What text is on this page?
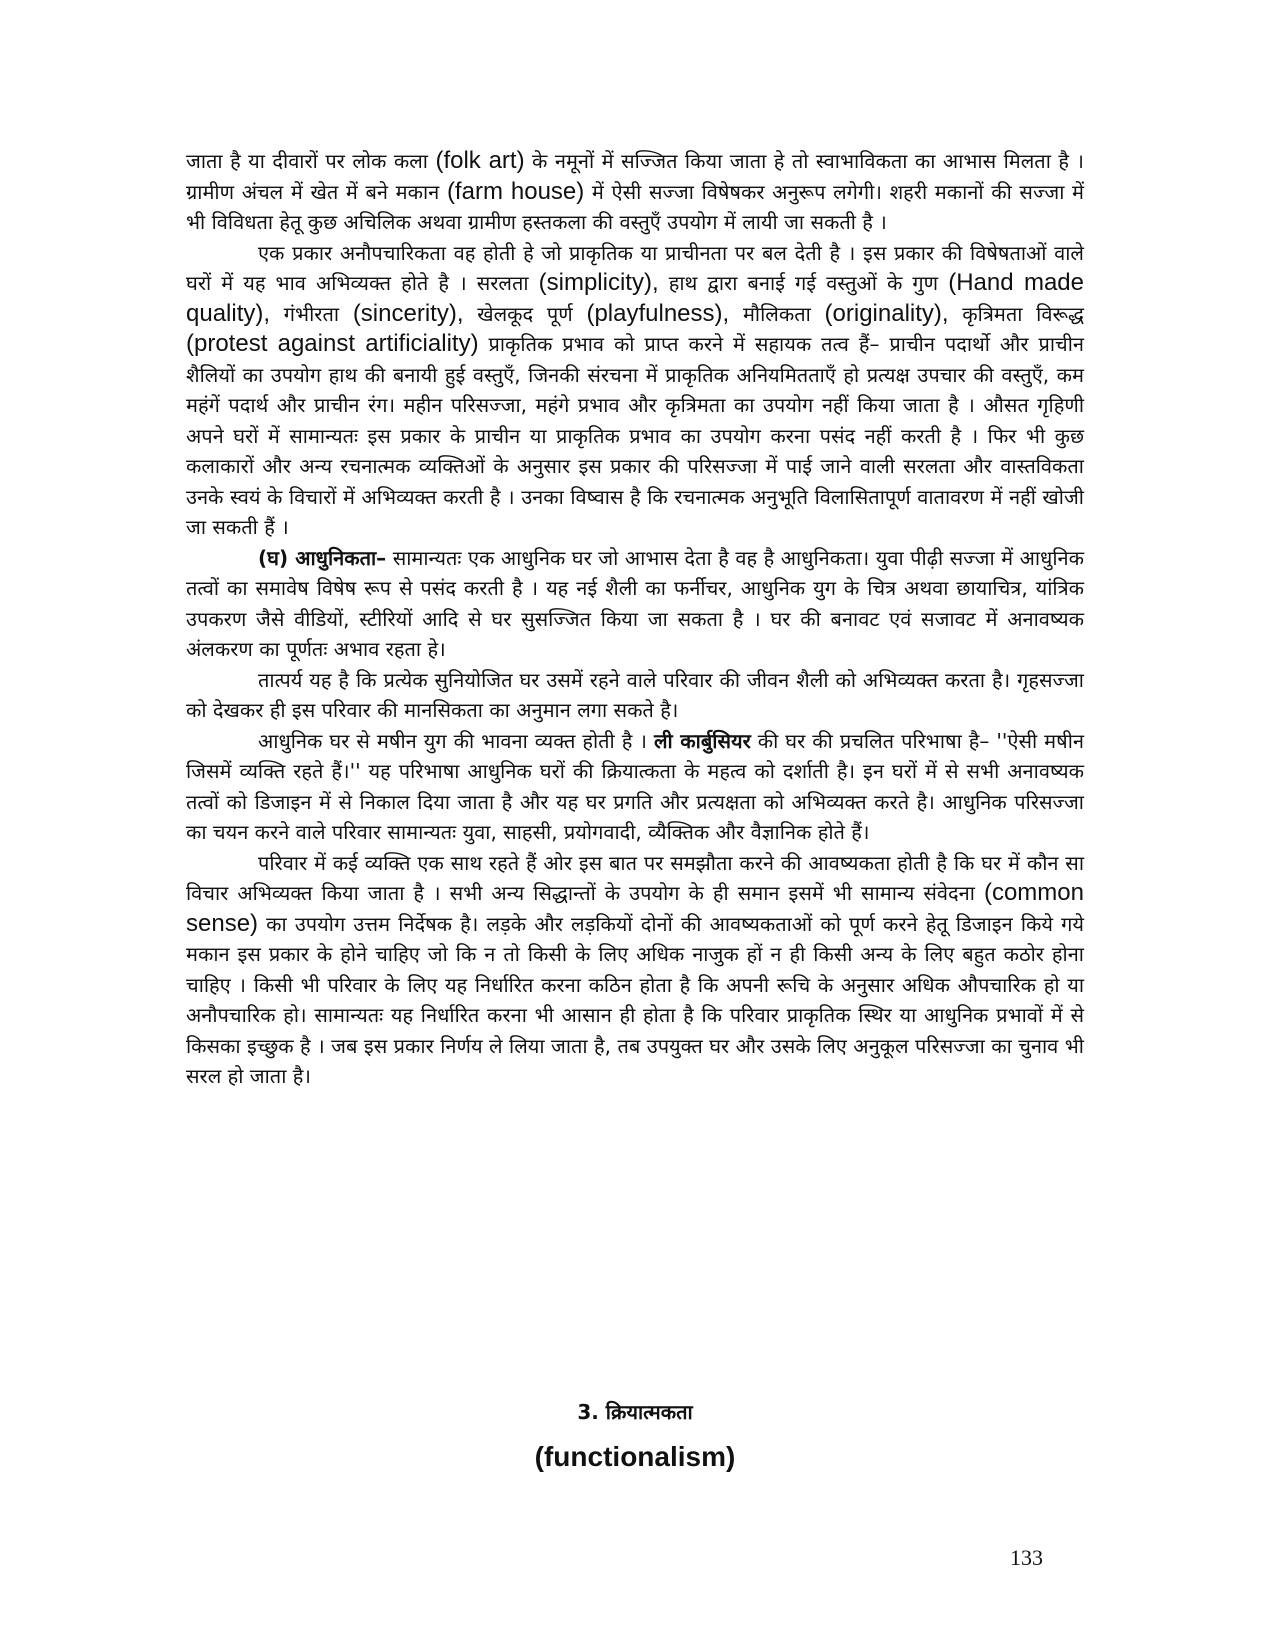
जाता है या दीवारों पर लोक कला (folk art) के नमूनों में सज्जित किया जाता हे तो स्वाभाविकता का आभास मिलता है । ग्रामीण अंचल में खेत में बने मकान (farm house) में ऐसी सज्जा विषेषकर अनुरूप लगेगी। शहरी मकानों की सज्जा में भी विविधता हेतू कुछ अचिलिक अथवा ग्रामीण हस्तकला की वस्तुएँ उपयोग में लायी जा सकती है ।

एक प्रकार अनौपचारिकता वह होती हे जो प्राकृतिक या प्राचीनता पर बल देती है । इस प्रकार की विषेषताओं वाले घरों में यह भाव अभिव्यक्त होते है । सरलता (simplicity), हाथ द्वारा बनाई गई वस्तुओं के गुण (Hand made quality), गंभीरता (sincerity), खेलकूद पूर्ण (playfulness), मौलिकता (originality), कृत्रिमता विरूद्ध (protest against artificiality) प्राकृतिक प्रभाव को प्राप्त करने में सहायक तत्व हैं– प्राचीन पदार्थो और प्राचीन शैलियों का उपयोग हाथ की बनायी हुई वस्तुएँ, जिनकी संरचना में प्राकृतिक अनियमितताएँ हो प्रत्यक्ष उपचार की वस्तुएँ, कम महंगें पदार्थ और प्राचीन रंग। महीन परिसज्जा, महंगे प्रभाव और कृत्रिमता का उपयोग नहीं किया जाता है । औसत गृहिणी अपने घरों में सामान्यतः इस प्रकार के प्राचीन या प्राकृतिक प्रभाव का उपयोग करना पसंद नहीं करती है । फिर भी कुछ कलाकारों और अन्य रचनात्मक व्यक्तिओं के अनुसार इस प्रकार की परिसज्जा में पाई जाने वाली सरलता और वास्तविकता उनके स्वयं के विचारों में अभिव्यक्त करती है । उनका विष्वास है कि रचनात्मक अनुभूति विलासितापूर्ण वातावरण में नहीं खोजी जा सकती हैं ।

(घ) आधुनिकता– सामान्यतः एक आधुनिक घर जो आभास देता है वह है आधुनिकता। युवा पीढ़ी सज्जा में आधुनिक तत्वों का समावेष विषेष रूप से पसंद करती है । यह नई शैली का फर्नीचर, आधुनिक युग के चित्र अथवा छायाचित्र, यांत्रिक उपकरण जैसे वीडियों, स्टीरियों आदि से घर सुसज्जित किया जा सकता है । घर की बनावट एवं सजावट में अनावष्यक अंलकरण का पूर्णतः अभाव रहता हे।

तात्पर्य यह है कि प्रत्येक सुनियोजित घर उसमें रहने वाले परिवार की जीवन शैली को अभिव्यक्त करता है। गृहसज्जा को देखकर ही इस परिवार की मानसिकता का अनुमान लगा सकते है।

आधुनिक घर से मषीन युग की भावना व्यक्त होती है । ली कार्बुसियर की घर की प्रचलित परिभाषा है– ''ऐसी मषीन जिसमें व्यक्ति रहते हैं।'' यह परिभाषा आधुनिक घरों की क्रियात्कता के महत्व को दर्शाती है। इन घरों में से सभी अनावष्यक तत्वों को डिजाइन में से निकाल दिया जाता है और यह घर प्रगति और प्रत्यक्षता को अभिव्यक्त करते है। आधुनिक परिसज्जा का चयन करने वाले परिवार सामान्यतः युवा, साहसी, प्रयोगवादी, व्यैक्तिक और वैज्ञानिक होते हैं।

परिवार में कई व्यक्ति एक साथ रहते हैं ओर इस बात पर समझौता करने की आवष्यकता होती है कि घर में कौन सा विचार अभिव्यक्त किया जाता है । सभी अन्य सिद्धान्तों के उपयोग के ही समान इसमें भी सामान्य संवेदना (common sense) का उपयोग उत्तम निर्देषक है। लड़के और लड़कियों दोनों की आवष्यकताओं को पूर्ण करने हेतू डिजाइन किये गये मकान इस प्रकार के होने चाहिए जो कि न तो किसी के लिए अधिक नाजुक हों न ही किसी अन्य के लिए बहुत कठोर होना चाहिए । किसी भी परिवार के लिए यह निर्धारित करना कठिन होता है कि अपनी रूचि के अनुसार अधिक औपचारिक हो या अनौपचारिक हो। सामान्यतः यह निर्धारित करना भी आसान ही होता है कि परिवार प्राकृतिक स्थिर या आधुनिक प्रभावों में से किसका इच्छुक है । जब इस प्रकार निर्णय ले लिया जाता है, तब उपयुक्त घर और उसके लिए अनुकूल परिसज्जा का चुनाव भी सरल हो जाता है।

3. क्रियात्मकता
(functionalism)
133
